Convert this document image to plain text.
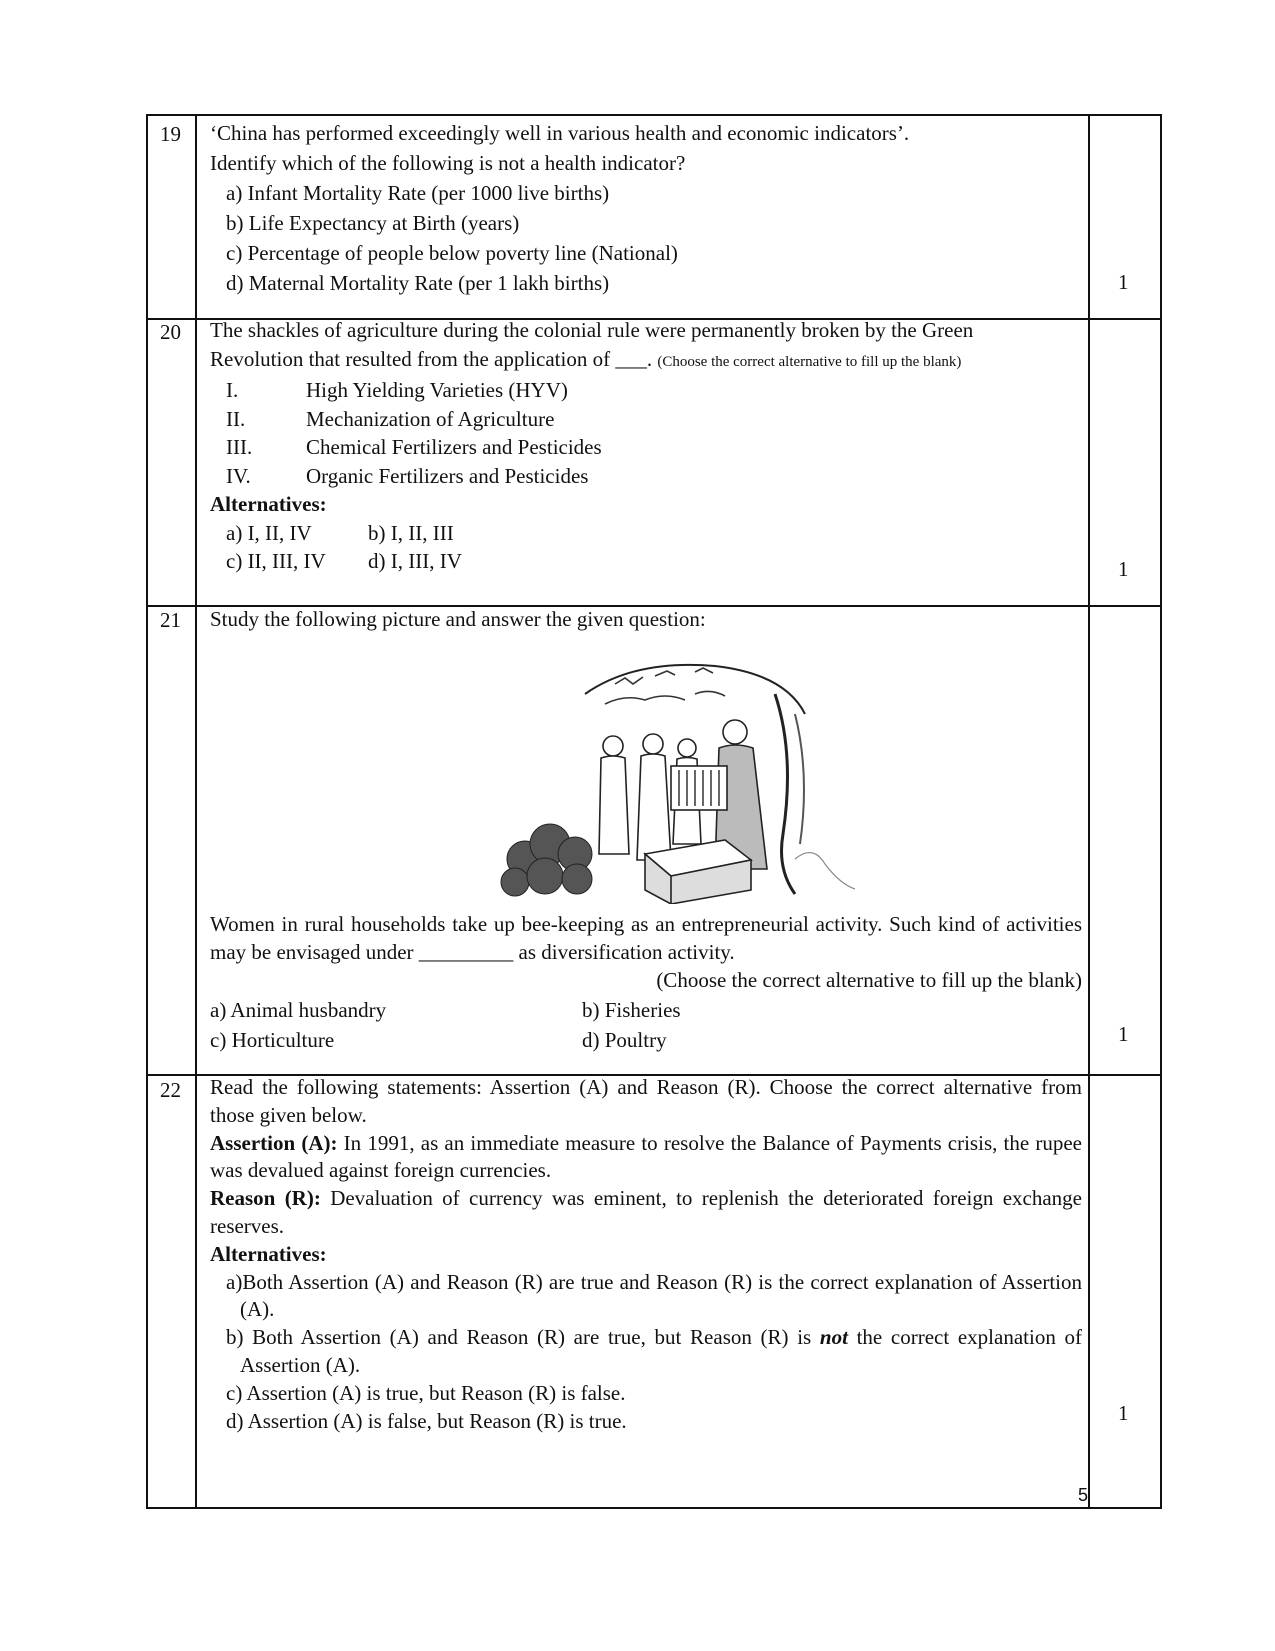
19 ‘China has performed exceedingly well in various health and economic indicators’.

Identify which of the following is not a health indicator?

a) Infant Mortality Rate (per 1000 live births)

b) Life Expectancy at Birth (years)

c) Percentage of people below poverty line (National)

d) Maternal Mortality Rate (per 1 lakh births)	1
20 The shackles of agriculture during the colonial rule were permanently broken by the Green

Revolution that resulted from the application of ___. (Choose the correct alternative to fill up the blank)

I.	High Yielding Varieties (HYV)

II.	Mechanization of Agriculture

III.	Chemical Fertilizers and Pesticides

IV.	Organic Fertilizers and Pesticides

Alternatives:

a) I, II, IV	b) I, II, III

c) II, III, IV	d) I, III, IV	1
21 Study the following picture and answer the given question:

Women in rural households take up bee-keeping as an entrepreneurial activity. Such kind of activities may be envisaged under _________ as diversification activity.

(Choose the correct alternative to fill up the blank)

a) Animal husbandry	b) Fisheries

c) Horticulture	d) Poultry	1
22 Read the following statements: Assertion (A) and Reason (R). Choose the correct alternative from those given below.

Assertion (A): In 1991, as an immediate measure to resolve the Balance of Payments crisis, the rupee was devalued against foreign currencies.

Reason (R): Devaluation of currency was eminent, to replenish the deteriorated foreign exchange reserves.

Alternatives:

a)Both Assertion (A) and Reason (R) are true and Reason (R) is the correct explanation of Assertion (A).

b) Both Assertion (A) and Reason (R) are true, but Reason (R) is not the correct explanation of Assertion (A).

c) Assertion (A) is true, but Reason (R) is false.

d) Assertion (A) is false, but Reason (R) is true.	1
5
